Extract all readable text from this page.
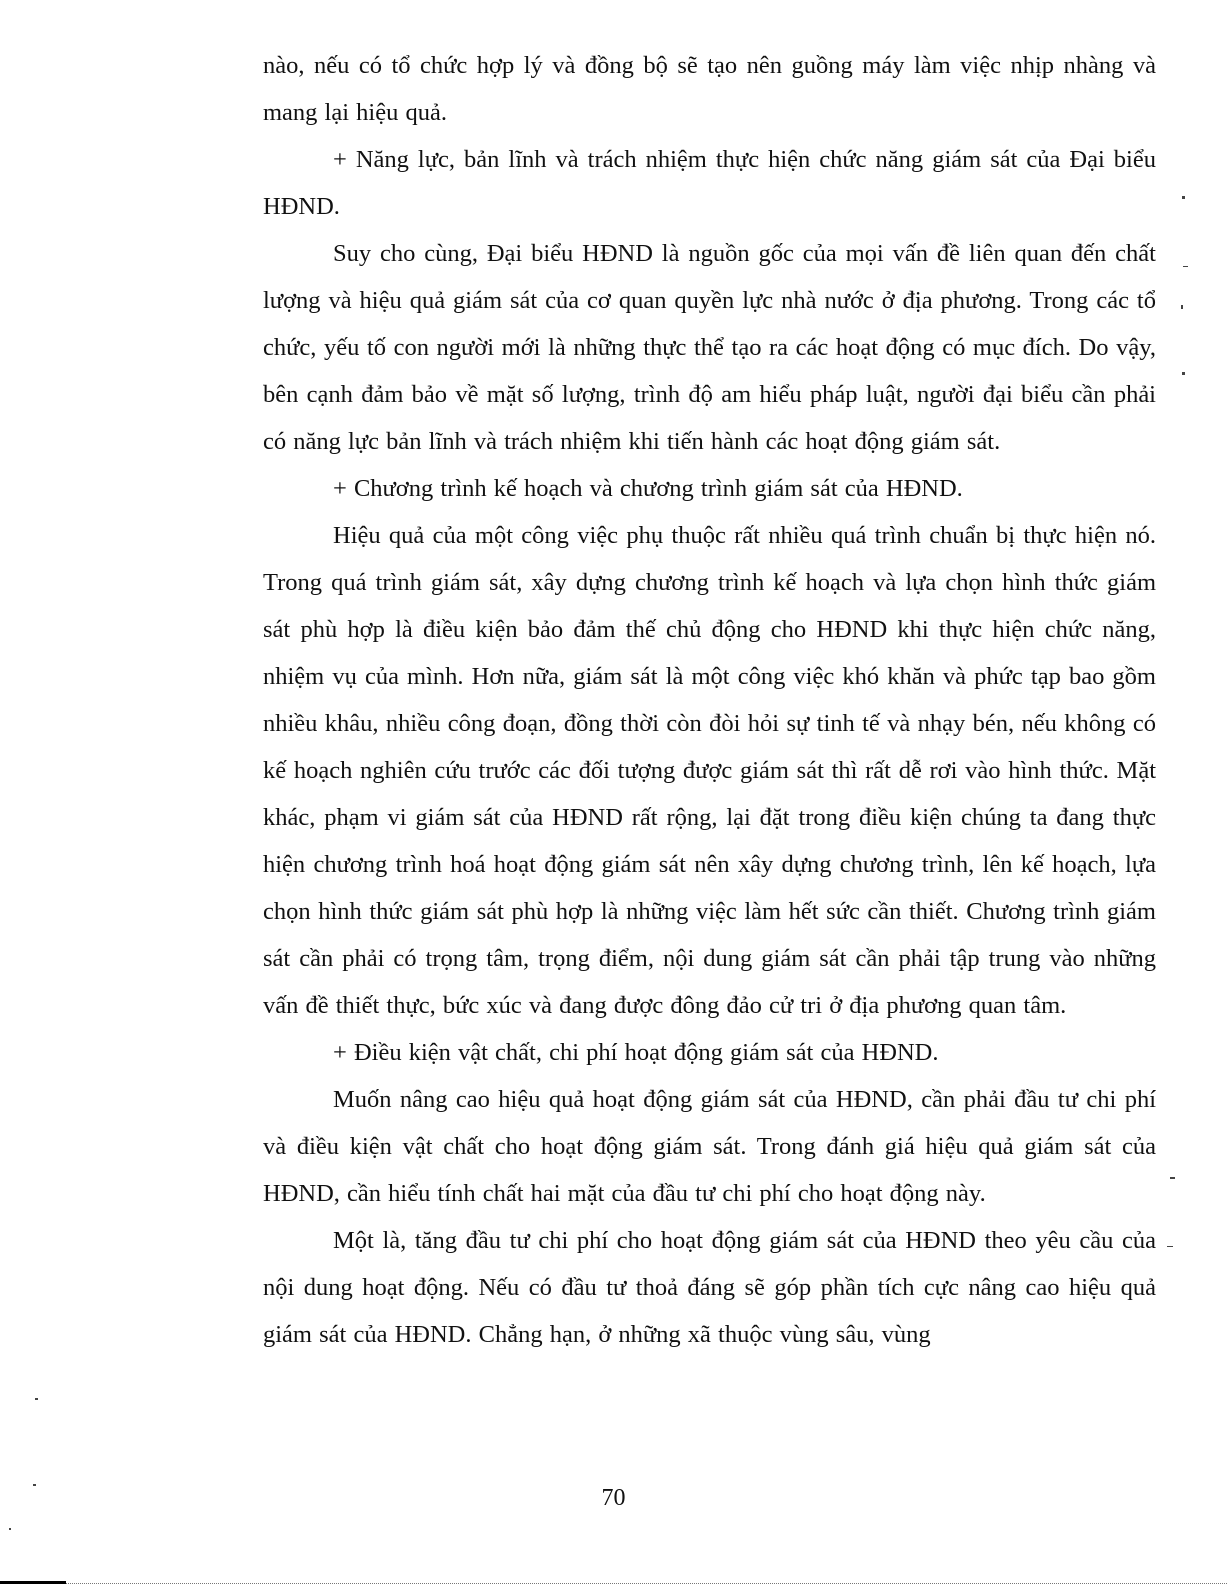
nào, nếu có tổ chức hợp lý và đồng bộ sẽ tạo nên guồng máy làm việc nhịp nhàng và mang lại hiệu quả.

+ Năng lực, bản lĩnh và trách nhiệm thực hiện chức năng giám sát của Đại biểu HĐND.

Suy cho cùng, Đại biểu HĐND là nguồn gốc của mọi vấn đề liên quan đến chất lượng và hiệu quả giám sát của cơ quan quyền lực nhà nước ở địa phương. Trong các tổ chức, yếu tố con người mới là những thực thể tạo ra các hoạt động có mục đích. Do vậy, bên cạnh đảm bảo về mặt số lượng, trình độ am hiểu pháp luật, người đại biểu cần phải có năng lực bản lĩnh và trách nhiệm khi tiến hành các hoạt động giám sát.

+ Chương trình kế hoạch và chương trình giám sát của HĐND.

Hiệu quả của một công việc phụ thuộc rất nhiều quá trình chuẩn bị thực hiện nó. Trong quá trình giám sát, xây dựng chương trình kế hoạch và lựa chọn hình thức giám sát phù hợp là điều kiện bảo đảm thế chủ động cho HĐND khi thực hiện chức năng, nhiệm vụ của mình. Hơn nữa, giám sát là một công việc khó khăn và phức tạp bao gồm nhiều khâu, nhiều công đoạn, đồng thời còn đòi hỏi sự tinh tế và nhạy bén, nếu không có kế hoạch nghiên cứu trước các đối tượng được giám sát thì rất dễ rơi vào hình thức. Mặt khác, phạm vi giám sát của HĐND rất rộng, lại đặt trong điều kiện chúng ta đang thực hiện chương trình hoá hoạt động giám sát nên xây dựng chương trình, lên kế hoạch, lựa chọn hình thức giám sát phù hợp là những việc làm hết sức cần thiết. Chương trình giám sát cần phải có trọng tâm, trọng điểm, nội dung giám sát cần phải tập trung vào những vấn đề thiết thực, bức xúc và đang được đông đảo cử tri ở địa phương quan tâm.

+ Điều kiện vật chất, chi phí hoạt động giám sát của HĐND.

Muốn nâng cao hiệu quả hoạt động giám sát của HĐND, cần phải đầu tư chi phí và điều kiện vật chất cho hoạt động giám sát. Trong đánh giá hiệu quả giám sát của HĐND, cần hiểu tính chất hai mặt của đầu tư chi phí cho hoạt động này.

Một là, tăng đầu tư chi phí cho hoạt động giám sát của HĐND theo yêu cầu của nội dung hoạt động. Nếu có đầu tư thoả đáng sẽ góp phần tích cực nâng cao hiệu quả giám sát của HĐND. Chẳng hạn, ở những xã thuộc vùng sâu, vùng

70
